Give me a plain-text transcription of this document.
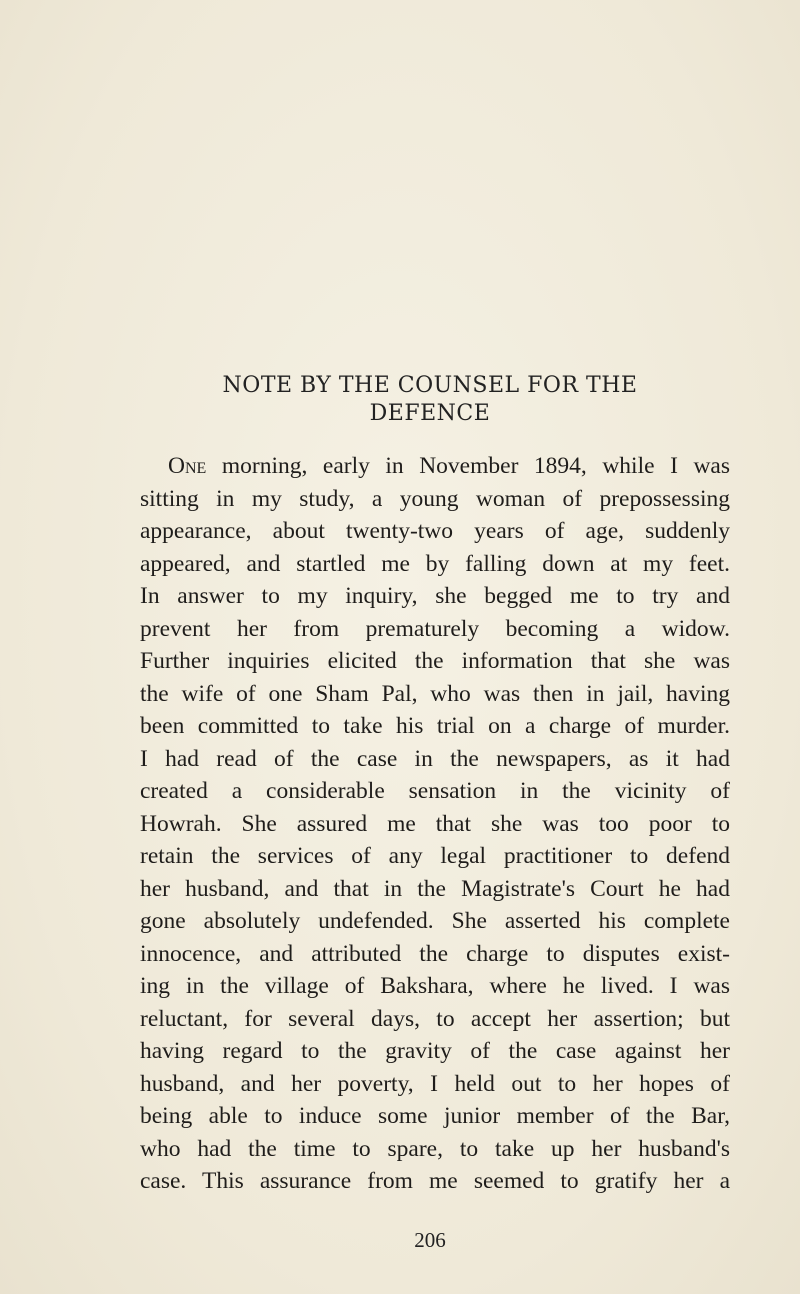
NOTE BY THE COUNSEL FOR THE
DEFENCE
One morning, early in November 1894, while I was
sitting in my study, a young woman of prepossessing
appearance, about twenty-two years of age, suddenly
appeared, and startled me by falling down at my feet.
In answer to my inquiry, she begged me to try and
prevent her from prematurely becoming a widow.
Further inquiries elicited the information that she was
the wife of one Sham Pal, who was then in jail, having
been committed to take his trial on a charge of murder.
I had read of the case in the newspapers, as it had
created a considerable sensation in the vicinity of
Howrah. She assured me that she was too poor to
retain the services of any legal practitioner to defend
her husband, and that in the Magistrate's Court he had
gone absolutely undefended. She asserted his complete
innocence, and attributed the charge to disputes exist-
ing in the village of Bakshara, where he lived. I was
reluctant, for several days, to accept her assertion; but
having regard to the gravity of the case against her
husband, and her poverty, I held out to her hopes of
being able to induce some junior member of the Bar,
who had the time to spare, to take up her husband's
case. This assurance from me seemed to gratify her a
206
